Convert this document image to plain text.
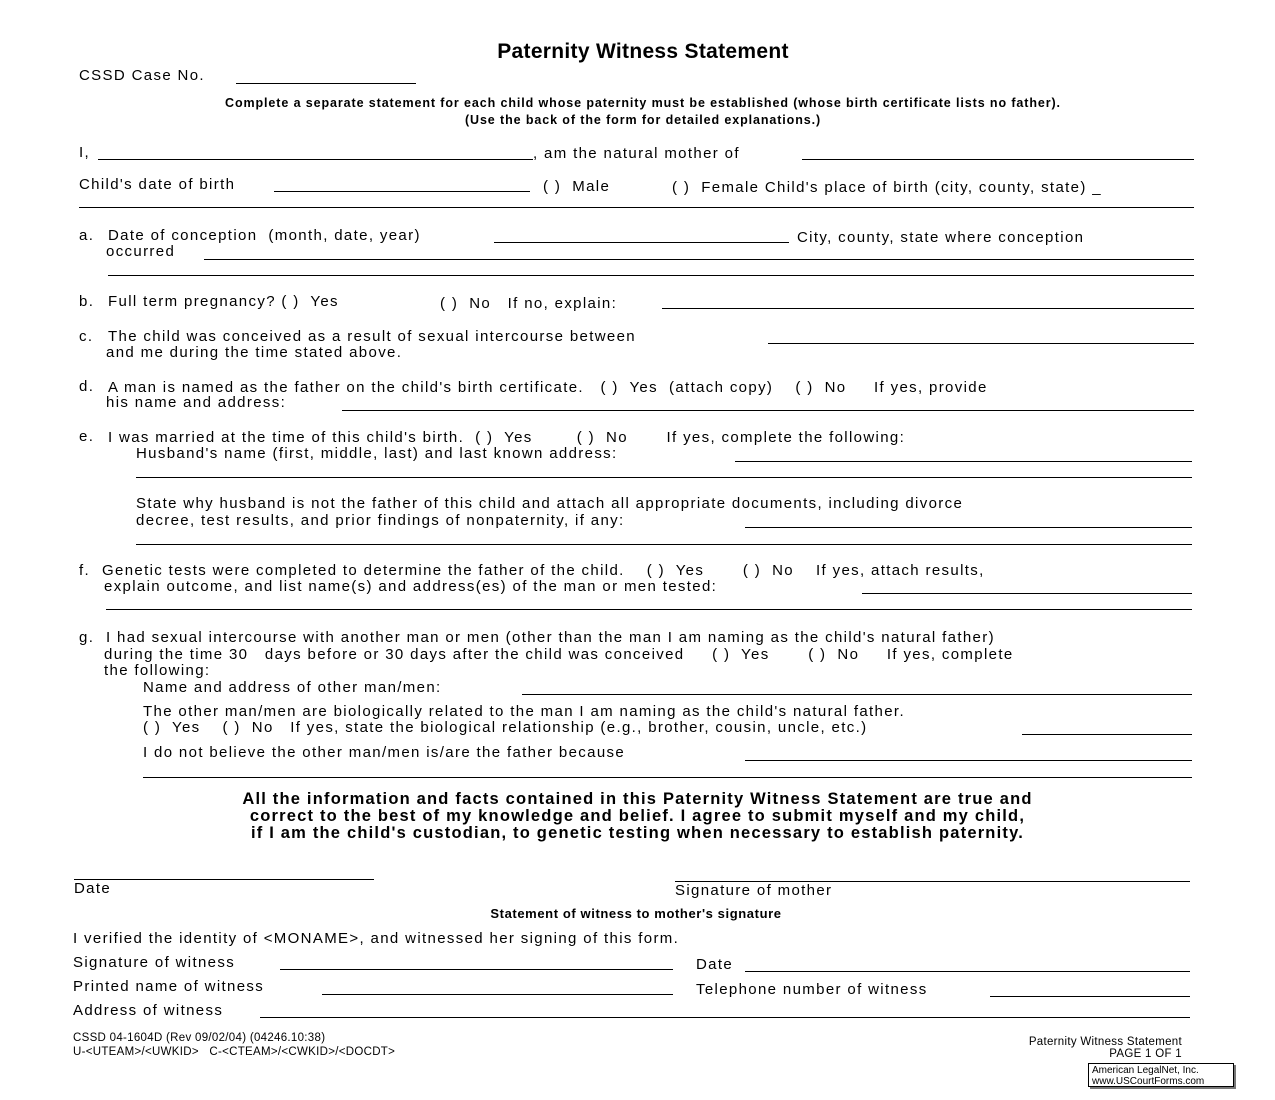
Paternity Witness Statement
CSSD Case No.
Complete a separate statement for each child whose paternity must be established (whose birth certificate lists no father).
(Use the back of the form for detailed explanations.)
I,	, am the natural mother of
Child's date of birth	( )  Male	( )  Female Child's place of birth (city, county, state) _
a. Date of conception  (month, date, year)	City, county, state where conception
occurred
b. Full term pregnancy? ( )  Yes	( )  No   If no, explain:
c. The child was conceived as a result of sexual intercourse between
and me during the time stated above.
d. A man is named as the father on the child's birth certificate.   ( )  Yes  (attach copy)    ( )  No     If yes, provide
his name and address:
e. I was married at the time of this child's birth.  ( )  Yes        ( )  No       If yes, complete the following:
Husband's name (first, middle, last) and last known address:
State why husband is not the father of this child and attach all appropriate documents, including divorce
decree, test results, and prior findings of nonpaternity, if any:
f. Genetic tests were completed to determine the father of the child.    ( )  Yes       ( )  No    If yes, attach results,
explain outcome, and list name(s) and address(es) of the man or men tested:
g. I had sexual intercourse with another man or men (other than the man I am naming as the child's natural father)
during the time 30   days before or 30 days after the child was conceived     ( )  Yes       ( )  No     If yes, complete
the following:
Name and address of other man/men:
The other man/men are biologically related to the man I am naming as the child's natural father.
( )  Yes    ( )  No   If yes, state the biological relationship (e.g., brother, cousin, uncle, etc.)
I do not believe the other man/men is/are the father because
All the information and facts contained in this Paternity Witness Statement are true and
correct to the best of my knowledge and belief. I agree to submit myself and my child,
if I am the child's custodian, to genetic testing when necessary to establish paternity.
Date	Signature of mother
Statement of witness to mother's signature
I verified the identity of <MONAME>, and witnessed her signing of this form.
Signature of witness	Date
Printed name of witness	Telephone number of witness
Address of witness
CSSD 04-1604D (Rev 09/02/04) (04246.10:38)
U-<UTEAM>/<UWKID>   C-<CTEAM>/<CWKID>/<DOCDT>
Paternity Witness Statement
PAGE 1 OF 1
American LegalNet, Inc.
www.USCourtForms.com
